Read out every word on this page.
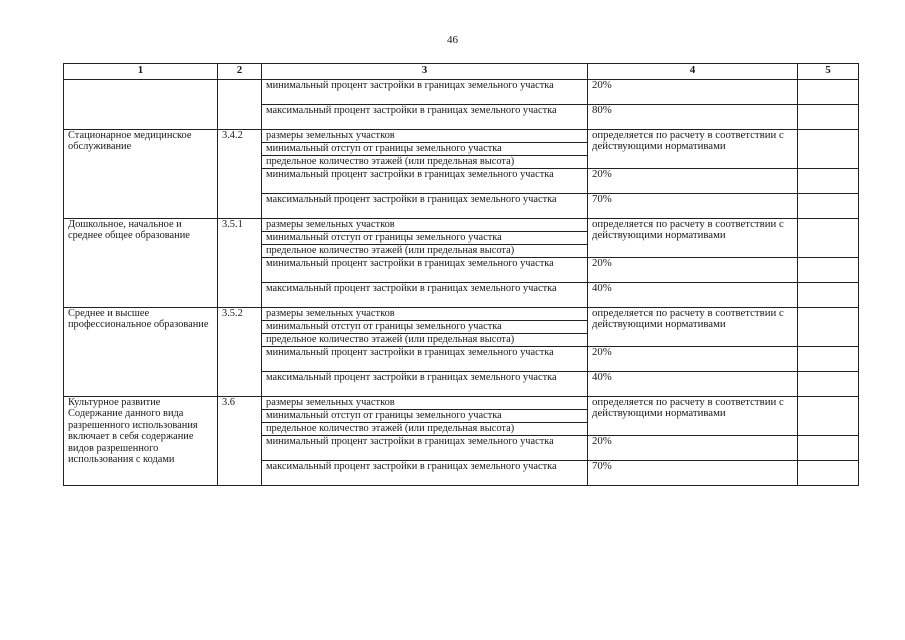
46
1	2	3	4	5
		минимальный процент застройки в границах земельного участка	20%	
		максимальный процент застройки в границах земельного участка	80%	
Стационарное медицинское обслуживание	3.4.2	размеры земельных участков	определяется по расчету в соответствии с действующими нормативами	
		минимальный отступ от границы земельного участка		
		предельное количество этажей (или предельная высота)		
		минимальный процент застройки в границах земельного участка	20%	
		максимальный процент застройки в границах земельного участка	70%	
Дошкольное, начальное и среднее общее образование	3.5.1	размеры земельных участков	определяется по расчету в соответствии с действующими нормативами	
		минимальный отступ от границы земельного участка		
		предельное количество этажей (или предельная высота)		
		минимальный процент застройки в границах земельного участка	20%	
		максимальный процент застройки в границах земельного участка	40%	
Среднее и высшее профессиональное образование	3.5.2	размеры земельных участков	определяется по расчету в соответствии с действующими нормативами	
		минимальный отступ от границы земельного участка		
		предельное количество этажей (или предельная высота)		
		минимальный процент застройки в границах земельного участка	20%	
		максимальный процент застройки в границах земельного участка	40%	
Культурное развитие Содержание данного вида разрешенного использования включает в себя содержание видов разрешенного использования с кодами	3.6	размеры земельных участков	определяется по расчету в соответствии с действующими нормативами	
		минимальный отступ от границы земельного участка		
		предельное количество этажей (или предельная высота)		
		минимальный процент застройки в границах земельного участка	20%	
		максимальный процент застройки в границах земельного участка	70%	
